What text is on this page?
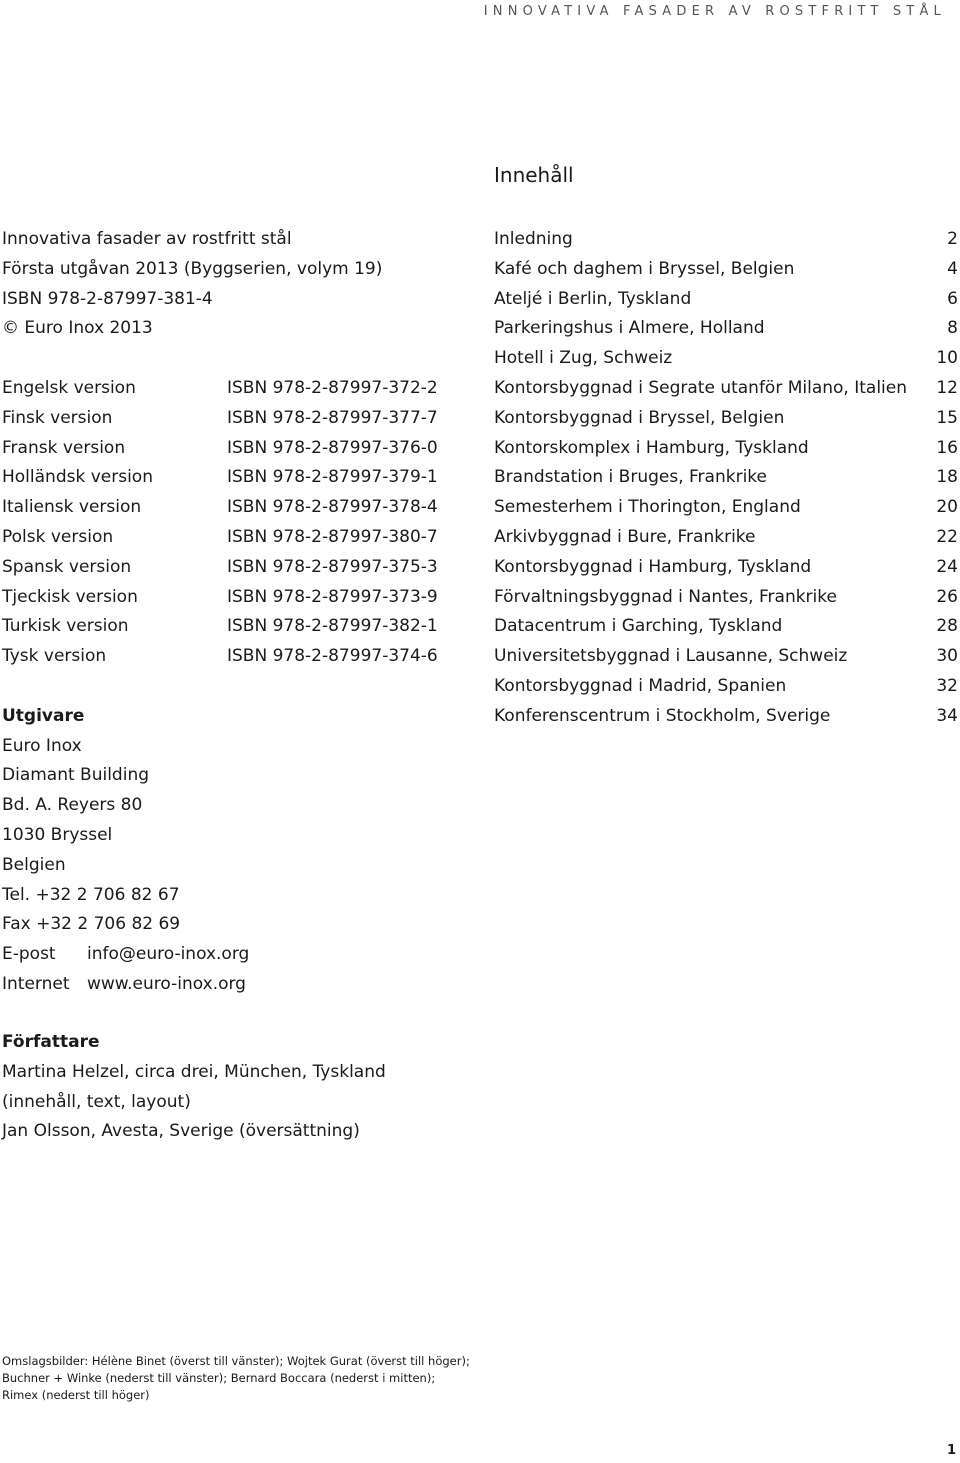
INNOVATIVA FASADER AV ROSTFRITT STÅL
Innehåll
Innovativa fasader av rostfritt stål
Första utgåvan 2013 (Byggserien, volym 19)
ISBN 978-2-87997-381-4
© Euro Inox 2013
Engelsk version	ISBN 978-2-87997-372-2
Finsk version	ISBN 978-2-87997-377-7
Fransk version	ISBN 978-2-87997-376-0
Holländsk version	ISBN 978-2-87997-379-1
Italiensk version	ISBN 978-2-87997-378-4
Polsk version	ISBN 978-2-87997-380-7
Spansk version	ISBN 978-2-87997-375-3
Tjeckisk version	ISBN 978-2-87997-373-9
Turkisk version	ISBN 978-2-87997-382-1
Tysk version	ISBN 978-2-87997-374-6
Utgivare
Euro Inox
Diamant Building
Bd. A. Reyers 80
1030 Bryssel
Belgien
Tel. +32 2 706 82 67
Fax +32 2 706 82 69
E-post	info@euro-inox.org
Internet	www.euro-inox.org
Författare
Martina Helzel, circa drei, München, Tyskland
(innehåll, text, layout)
Jan Olsson, Avesta, Sverige (översättning)
Inledning	2
Kafé och daghem i Bryssel, Belgien	4
Ateljé i Berlin, Tyskland	6
Parkeringshus i Almere, Holland	8
Hotell i Zug, Schweiz	10
Kontorsbyggnad i Segrate utanför Milano, Italien 12
Kontorsbyggnad i Bryssel, Belgien	15
Kontorskomplex i Hamburg, Tyskland	16
Brandstation i Bruges, Frankrike	18
Semesterhem i Thorington, England	20
Arkivbyggnad i Bure, Frankrike	22
Kontorsbyggnad i Hamburg, Tyskland	24
Förvaltningsbyggnad i Nantes, Frankrike	26
Datacentrum i Garching, Tyskland	28
Universitetsbyggnad i Lausanne, Schweiz	30
Kontorsbyggnad i Madrid, Spanien	32
Konferenscentrum i Stockholm, Sverige	34
Omslagsbilder: Hélène Binet (överst till vänster); Wojtek Gurat (överst till höger);
Buchner + Winke (nederst till vänster); Bernard Boccara (nederst i mitten);
Rimex (nederst till höger)
1
